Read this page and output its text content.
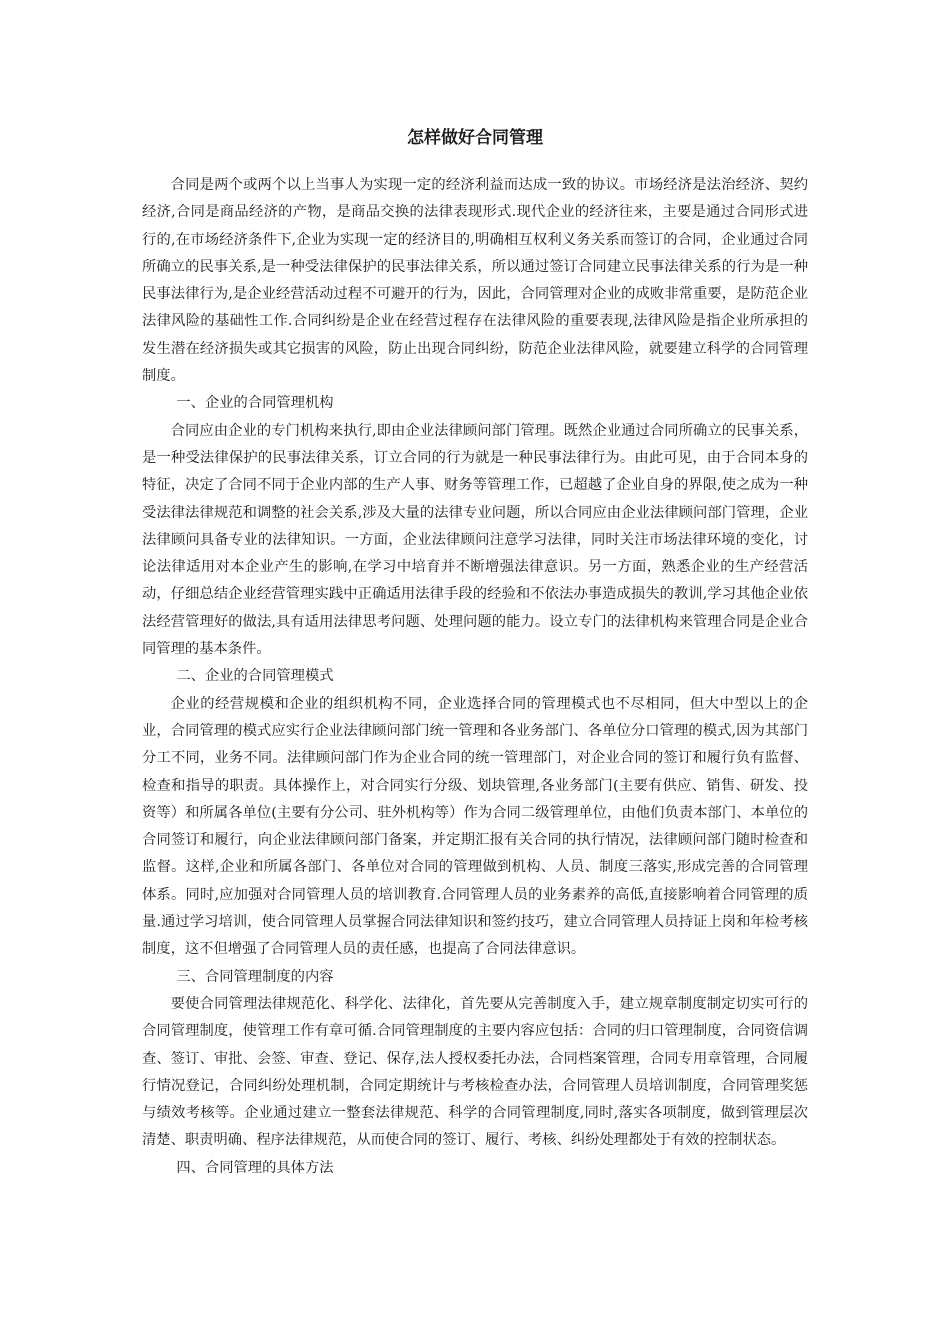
怎样做好合同管理

合同是两个或两个以上当事人为实现一定的经济利益而达成一致的协议。市场经济是法治经济、契约经济,合同是商品经济的产物，是商品交换的法律表现形式.现代企业的经济往来，主要是通过合同形式进行的,在市场经济条件下,企业为实现一定的经济目的,明确相互权利义务关系而签订的合同，企业通过合同所确立的民事关系,是一种受法律保护的民事法律关系，所以通过签订合同建立民事法律关系的行为是一种民事法律行为,是企业经营活动过程不可避开的行为，因此，合同管理对企业的成败非常重要，是防范企业法律风险的基础性工作.合同纠纷是企业在经营过程存在法律风险的重要表现,法律风险是指企业所承担的发生潜在经济损失或其它损害的风险，防止出现合同纠纷，防范企业法律风险，就要建立科学的合同管理制度。

一、企业的合同管理机构

合同应由企业的专门机构来执行,即由企业法律顾问部门管理。既然企业通过合同所确立的民事关系，是一种受法律保护的民事法律关系，订立合同的行为就是一种民事法律行为。由此可见，由于合同本身的特征，决定了合同不同于企业内部的生产人事、财务等管理工作，已超越了企业自身的界限,使之成为一种受法律法律规范和调整的社会关系,涉及大量的法律专业问题，所以合同应由企业法律顾问部门管理，企业法律顾问具备专业的法律知识。一方面，企业法律顾问注意学习法律，同时关注市场法律环境的变化，讨论法律适用对本企业产生的影响,在学习中培育并不断增强法律意识。另一方面，熟悉企业的生产经营活动，仔细总结企业经营管理实践中正确适用法律手段的经验和不依法办事造成损失的教训,学习其他企业依法经营管理好的做法,具有适用法律思考问题、处理问题的能力。设立专门的法律机构来管理合同是企业合同管理的基本条件。

二、企业的合同管理模式

企业的经营规模和企业的组织机构不同，企业选择合同的管理模式也不尽相同，但大中型以上的企业，合同管理的模式应实行企业法律顾问部门统一管理和各业务部门、各单位分口管理的模式,因为其部门分工不同，业务不同。法律顾问部门作为企业合同的统一管理部门，对企业合同的签订和履行负有监督、检查和指导的职责。具体操作上，对合同实行分级、划块管理,各业务部门(主要有供应、销售、研发、投资等）和所属各单位(主要有分公司、驻外机构等）作为合同二级管理单位，由他们负责本部门、本单位的合同签订和履行，向企业法律顾问部门备案，并定期汇报有关合同的执行情况，法律顾问部门随时检查和监督。这样,企业和所属各部门、各单位对合同的管理做到机构、人员、制度三落实,形成完善的合同管理体系。同时,应加强对合同管理人员的培训教育.合同管理人员的业务素养的高低,直接影响着合同管理的质量.通过学习培训，使合同管理人员掌握合同法律知识和签约技巧，建立合同管理人员持证上岗和年检考核制度，这不但增强了合同管理人员的责任感，也提高了合同法律意识。

三、合同管理制度的内容

要使合同管理法律规范化、科学化、法律化，首先要从完善制度入手，建立规章制度制定切实可行的合同管理制度，使管理工作有章可循.合同管理制度的主要内容应包括：合同的归口管理制度，合同资信调查、签订、审批、会签、审查、登记、保存,法人授权委托办法，合同档案管理，合同专用章管理，合同履行情况登记，合同纠纷处理机制，合同定期统计与考核检查办法，合同管理人员培训制度，合同管理奖惩与绩效考核等。企业通过建立一整套法律规范、科学的合同管理制度,同时,落实各项制度，做到管理层次清楚、职责明确、程序法律规范，从而使合同的签订、履行、考核、纠纷处理都处于有效的控制状态。

四、合同管理的具体方法
